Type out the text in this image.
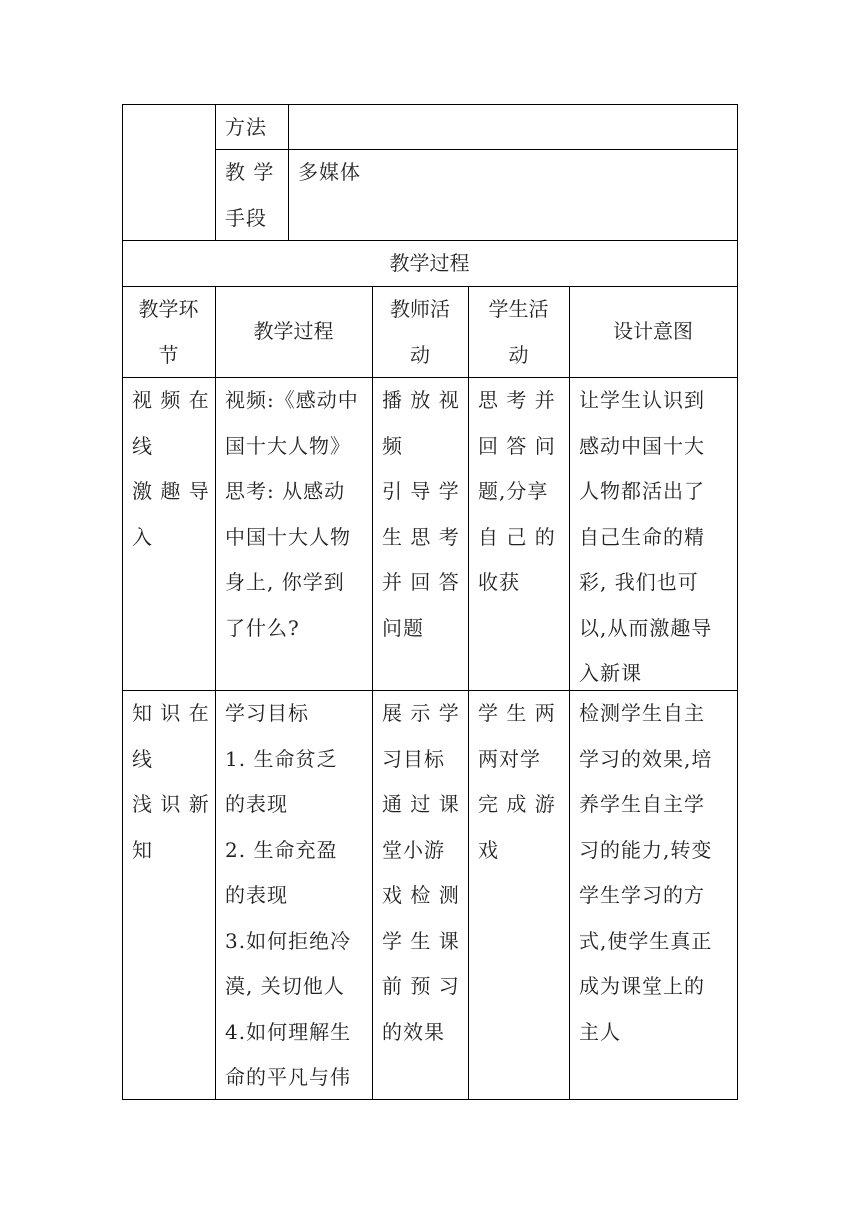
方法
教 学
手段
多媒体
教学过程
教学环
节
教学过程
教师活
动
学生活
动
设计意图
视 频 在
线
激 趣 导
入
视频:《感动中
国十大人物》
思考: 从感动
中国十大人物
身上, 你学到
了什么?
播 放 视
频
引 导 学
生 思 考
并 回 答
问题
思 考 并
回 答 问
题,分享
自 己 的
收获
让学生认识到
感动中国十大
人物都活出了
自己生命的精
彩, 我们也可
以,从而激趣导
入新课
知 识 在
线
浅 识 新
知
学习目标
1. 生命贫乏
的表现
2. 生命充盈
的表现
3.如何拒绝冷
漠, 关切他人
4.如何理解生
命的平凡与伟
展 示 学
习目标
通 过 课
堂小游
戏 检 测
学 生 课
前 预 习
的效果
学 生 两
两对学
完 成 游
戏
检测学生自主
学习的效果,培
养学生自主学
习的能力,转变
学生学习的方
式,使学生真正
成为课堂上的
主人
